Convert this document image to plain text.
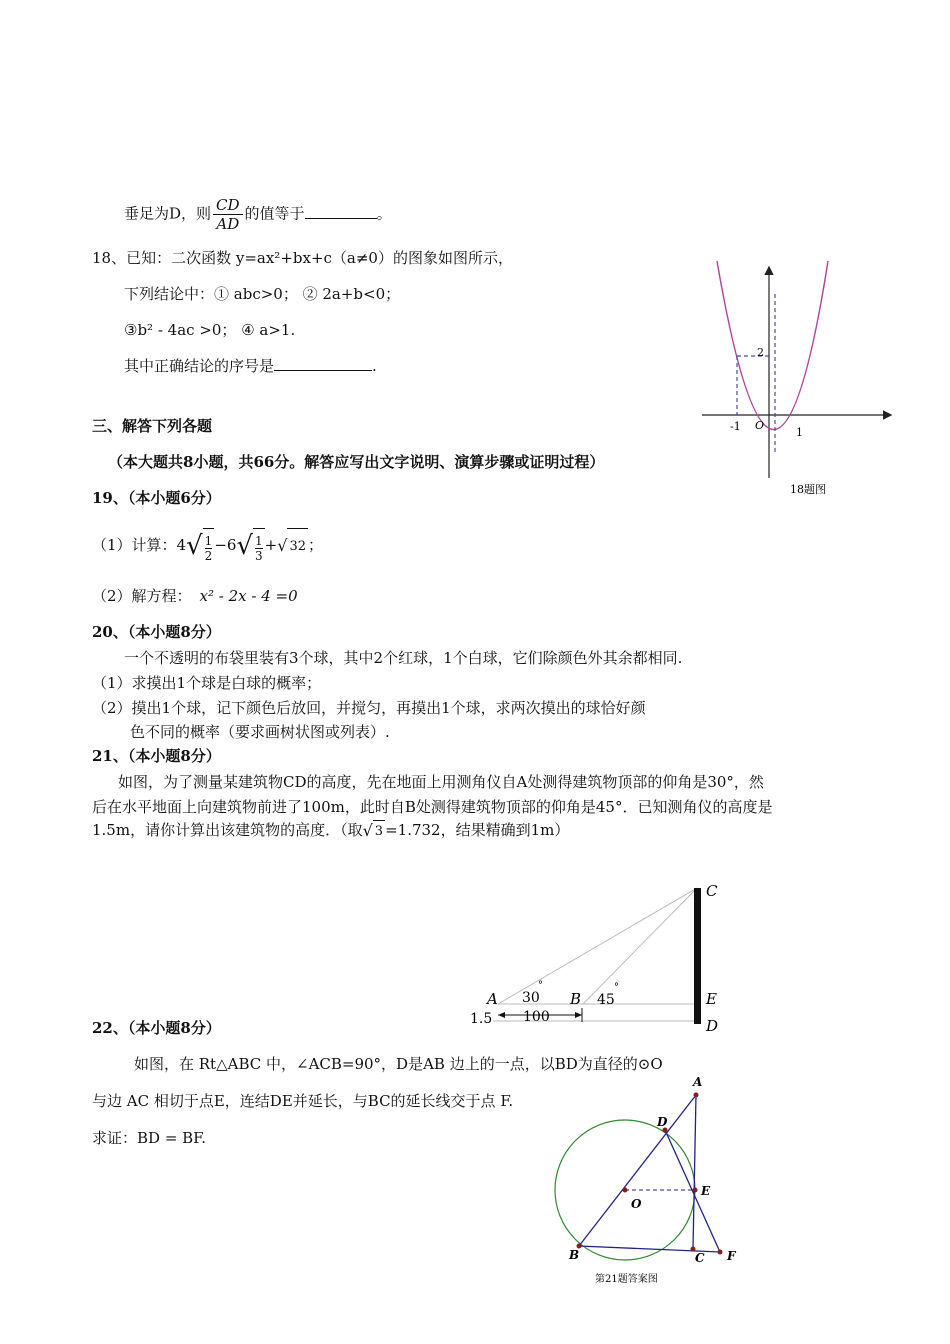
垂足为D，则 $\frac{CD}{AD}$ 的值等于	。
18、已知：二次函数 y=ax²+bx+c（a≠0）的图象如图所示，
下列结论中：① abc>0； ② 2a+b<0；
③b² - 4ac >0； ④ a>1.
其中正确结论的序号是	.
2
-1 O
1
18题图
三、解答下列各题
（本大题共8小题，共66分。解答应写出文字说明、演算步骤或证明过程）
19、（本小题6分）
（1）计算：$4√ \frac{1}{2} -6√ \frac{1}{3}$ +√ 32 ；
（2）解方程： x² - 2x - 4 =0
20、（本小题8分）
一个不透明的布袋里装有3个球，其中2个红球，1个白球，它们除颜色外其余都相同.
（1）求摸出1个球是白球的概率；
（2）摸出1个球，记下颜色后放回，并搅匀，再摸出1个球，求两次摸出的球恰好颜
色不同的概率（要求画树状图或列表）.
21、（本小题8分）
如图，为了测量某建筑物CD的高度，先在地面上用测角仪自A处测得建筑物顶部的仰角是30°，然
后在水平地面上向建筑物前进了100m，此时自B处测得建筑物顶部的仰角是45°．已知测角仪的高度是
1.5m，请你计算出该建筑物的高度．（取√ 3 =1.732，结果精确到1m）
C
A	B	E
D
30
°
45
°
1.5 100
22、（本小题8分）
如图，在 Rt△ABC 中，∠ACB=90°，D是AB 边上的一点，以BD为直径的⊙O
与边 AC 相切于点E，连结DE并延长，与BC的延长线交于点 F.
求证：BD = BF.
A
D
E
O
B	C F
第21题答案图
